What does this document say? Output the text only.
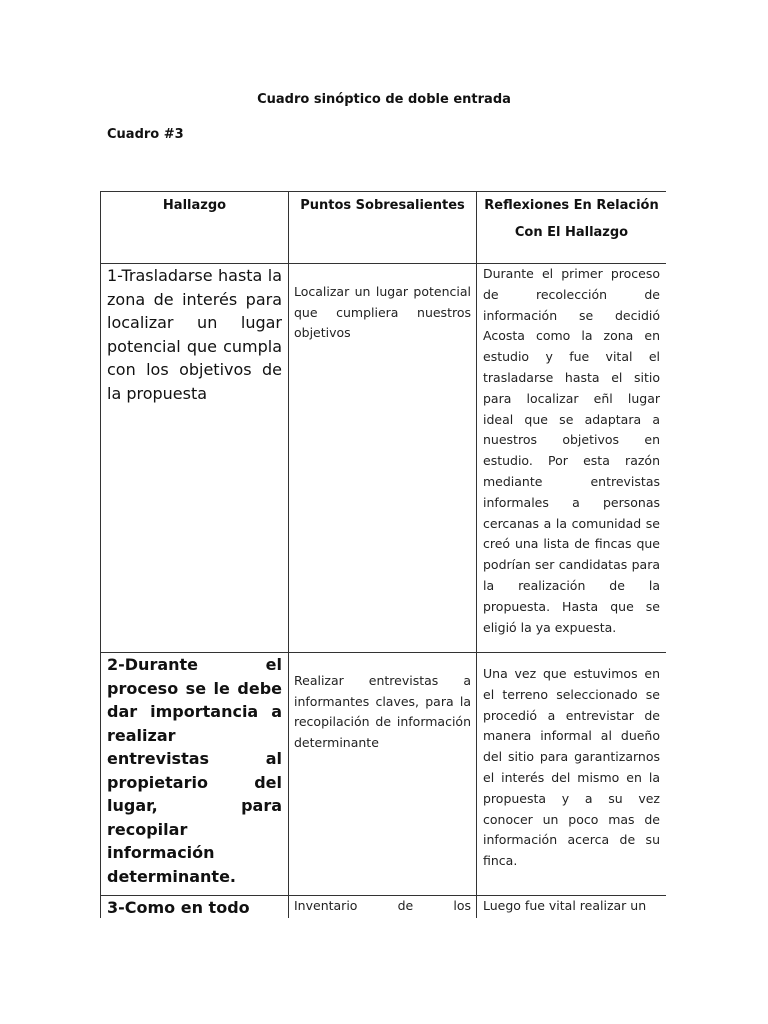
Cuadro sinóptico de doble entrada
Cuadro #3
Hallazgo	Puntos Sobresalientes	Reflexiones En Relación Con El Hallazgo
1-Trasladarse hasta la zona de interés para localizar un lugar potencial que cumpla con los objetivos de la propuesta	Localizar un lugar potencial que cumpliera nuestros objetivos	Durante el primer proceso de recolección de información se decidió Acosta como la zona en estudio y fue vital el trasladarse hasta el sitio para localizar eñl lugar ideal que se adaptara a nuestros objetivos en estudio. Por esta razón mediante entrevistas informales a personas cercanas a la comunidad se creó una lista de fincas que podrían ser candidatas para la realización de la propuesta. Hasta que se eligió la ya expuesta.
2-Durante el proceso se le debe dar importancia a realizar entrevistas al propietario del lugar, para recopilar información determinante.	Realizar entrevistas a informantes claves, para la recopilación de información determinante	Una vez que estuvimos en el terreno seleccionado se procedió a entrevistar de manera informal al dueño del sitio para garantizarnos el interés del mismo en la propuesta y a su vez conocer un poco mas de información acerca de su finca.
3-Como en todo	Inventario de los	Luego fue vital realizar un
